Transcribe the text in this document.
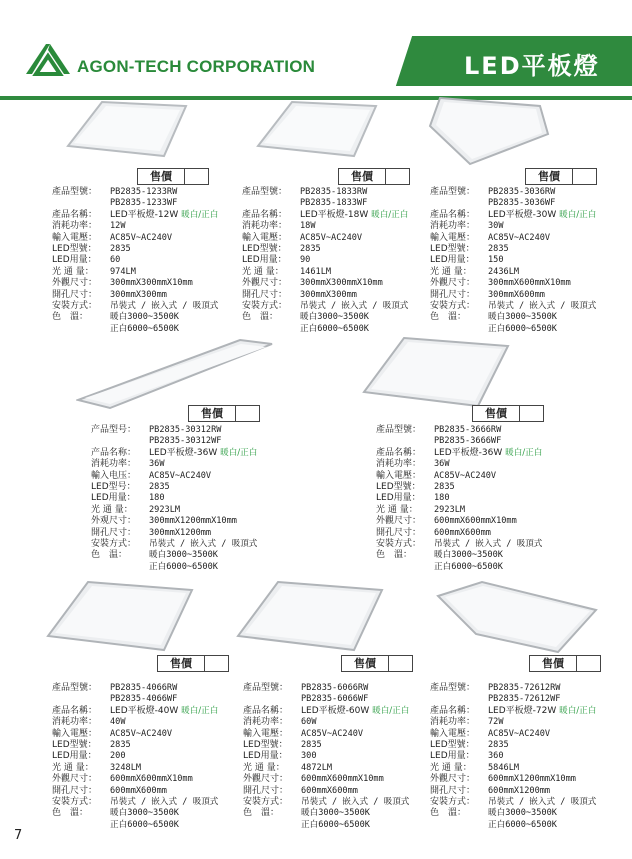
AGON-TECH CORPORATION	LED平板燈
售價
產品型號：	PB2835-1233RW
PB2835-1233WF
產品名稱：	LED平板燈-12W 暖白/正白
消耗功率：	12W
輸入電壓：	AC85V~AC240V
LED型號：	2835
LED用量：	60
光 通 量：	974LM
外觀尺寸：	300mmX300mmX10mm
開孔尺寸：	300mmX300mm
安裝方式：	吊裝式 / 嵌入式 / 吸頂式
色　溫：	暖白3000~3500K
正白6000~6500K
售價
產品型號：	PB2835-1833RW
PB2835-1833WF
產品名稱：	LED平板燈-18W 暖白/正白
消耗功率：	18W
輸入電壓：	AC85V~AC240V
LED型號：	2835
LED用量：	90
光 通 量：	1461LM
外觀尺寸：	300mmX300mmX10mm
開孔尺寸：	300mmX300mm
安裝方式：	吊裝式 / 嵌入式 / 吸頂式
色　溫：	暖白3000~3500K
正白6000~6500K
售價
產品型號：	PB2835-3036RW
PB2835-3036WF
產品名稱：	LED平板燈-30W 暖白/正白
消耗功率：	30W
輸入電壓：	AC85V~AC240V
LED型號：	2835
LED用量：	150
光 通 量：	2436LM
外觀尺寸：	300mmX600mmX10mm
開孔尺寸：	300mmX600mm
安裝方式：	吊裝式 / 嵌入式 / 吸頂式
色　溫：	暖白3000~3500K
正白6000~6500K
售價
产品型号：	PB2835-30312RW
PB2835-30312WF
产品名称：	LED平板燈-36W 暖白/正白
消耗功率：	36W
輸入电压：	AC85V~AC240V
LED型号：	2835
LED用量：	180
光 通 量：	2923LM
外观尺寸：	300mmX1200mmX10mm
開孔尺寸：	300mmX1200mm
安裝方式：	吊裝式 / 嵌入式 / 吸頂式
色　温：	暖白3000~3500K
正白6000~6500K
售價
產品型號：	PB2835-3666RW
PB2835-3666WF
產品名稱：	LED平板燈-36W 暖白/正白
消耗功率：	36W
輸入電壓：	AC85V~AC240V
LED型號：	2835
LED用量：	180
光 通 量：	2923LM
外觀尺寸：	600mmX600mmX10mm
開孔尺寸：	600mmX600mm
安裝方式：	吊裝式 / 嵌入式 / 吸頂式
色　溫：	暖白3000~3500K
正白6000~6500K
售價
產品型號：	PB2835-4066RW
PB2835-4066WF
產品名稱：	LED平板燈-40W 暖白/正白
消耗功率：	40W
輸入電壓：	AC85V~AC240V
LED型號：	2835
LED用量：	200
光 通 量：	3248LM
外觀尺寸：	600mmX600mmX10mm
開孔尺寸：	600mmX600mm
安裝方式：	吊裝式 / 嵌入式 / 吸頂式
色　溫：	暖白3000~3500K
正白6000~6500K
售價
產品型號：	PB2835-6066RW
PB2835-6066WF
產品名稱：	LED平板燈-60W 暖白/正白
消耗功率：	60W
輸入電壓：	AC85V~AC240V
LED型號：	2835
LED用量：	300
光 通 量：	4872LM
外觀尺寸：	600mmX600mmX10mm
開孔尺寸：	600mmX600mm
安裝方式：	吊裝式 / 嵌入式 / 吸頂式
色　溫：	暖白3000~3500K
正白6000~6500K
售價
產品型號：	PB2835-72612RW
PB2835-72612WF
產品名稱：	LED平板燈-72W 暖白/正白
消耗功率：	72W
輸入電壓：	AC85V~AC240V
LED型號：	2835
LED用量：	360
光 通 量：	5846LM
外觀尺寸：	600mmX1200mmX10mm
開孔尺寸：	600mmX1200mm
安裝方式：	吊裝式 / 嵌入式 / 吸頂式
色　溫：	暖白3000~3500K
正白6000~6500K
7
